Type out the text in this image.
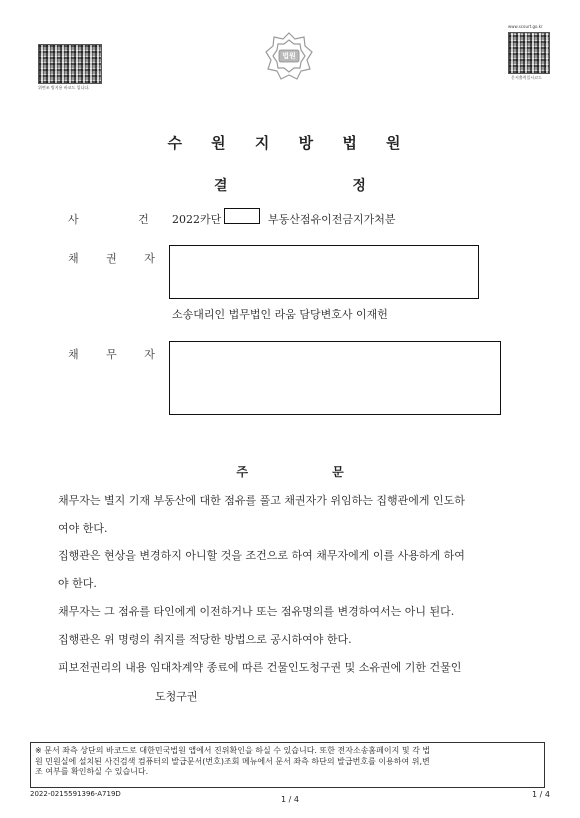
위변조 방지용 바코드 입니다.
법원
www.scourt.go.kr
문서출력일시코드
수 원 지 방 법 원
결 정
사 건
2022카단	부동산점유이전금지가처분
채 권 자
소송대리인 법무법인 라움 담당변호사 이재헌
채 무 자
주 문
채무자는 별지 기재 부동산에 대한 점유를 풀고 채권자가 위임하는 집행관에게 인도하
여야 한다.
집행관은 현상을 변경하지 아니할 것을 조건으로 하여 채무자에게 이를 사용하게 하여
야 한다.
채무자는 그 점유를 타인에게 이전하거나 또는 점유명의를 변경하여서는 아니 된다.
집행관은 위 명령의 취지를 적당한 방법으로 공시하여야 한다.
피보전권리의 내용 임대차계약 종료에 따른 건물인도청구권 및 소유권에 기한 건물인
도청구권
※ 문서 좌측 상단의 바코드로 대한민국법원 앱에서 진위확인을 하실 수 있습니다. 또한 전자소송홈페이지 및 각 법
원 민원실에 설치된 사건검색 컴퓨터의 발급문서(번호)조회 메뉴에서 문서 좌측 하단의 발급번호를 이용하여 위,변
조 여부를 확인하실 수 있습니다.
2022-0215591396-A719D
1 / 4
1 / 4
